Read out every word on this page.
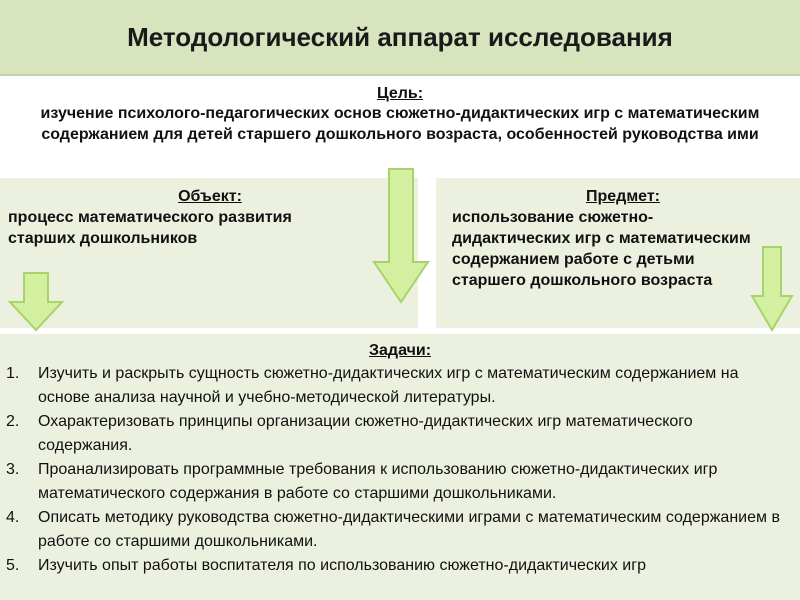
Методологический аппарат исследования
Цель:
изучение психолого-педагогических основ сюжетно-дидактических игр с математическим содержанием для детей старшего дошкольного возраста, особенностей руководства ими
Объект:
процесс математического развития старших дошкольников
Предмет:
использование сюжетно-дидактических игр с математическим содержанием работе с детьми старшего дошкольного возраста
Задачи:
1. Изучить и раскрыть сущность сюжетно-дидактических игр с математическим содержанием на основе анализа научной и учебно-методической литературы.
2. Охарактеризовать принципы организации сюжетно-дидактических игр математического содержания.
3. Проанализировать программные требования к использованию сюжетно-дидактических игр математического содержания в работе со старшими дошкольниками.
4. Описать методику руководства сюжетно-дидактическими играми с математическим содержанием в работе со старшими дошкольниками.
5. Изучить опыт работы воспитателя по использованию сюжетно-дидактических игр
